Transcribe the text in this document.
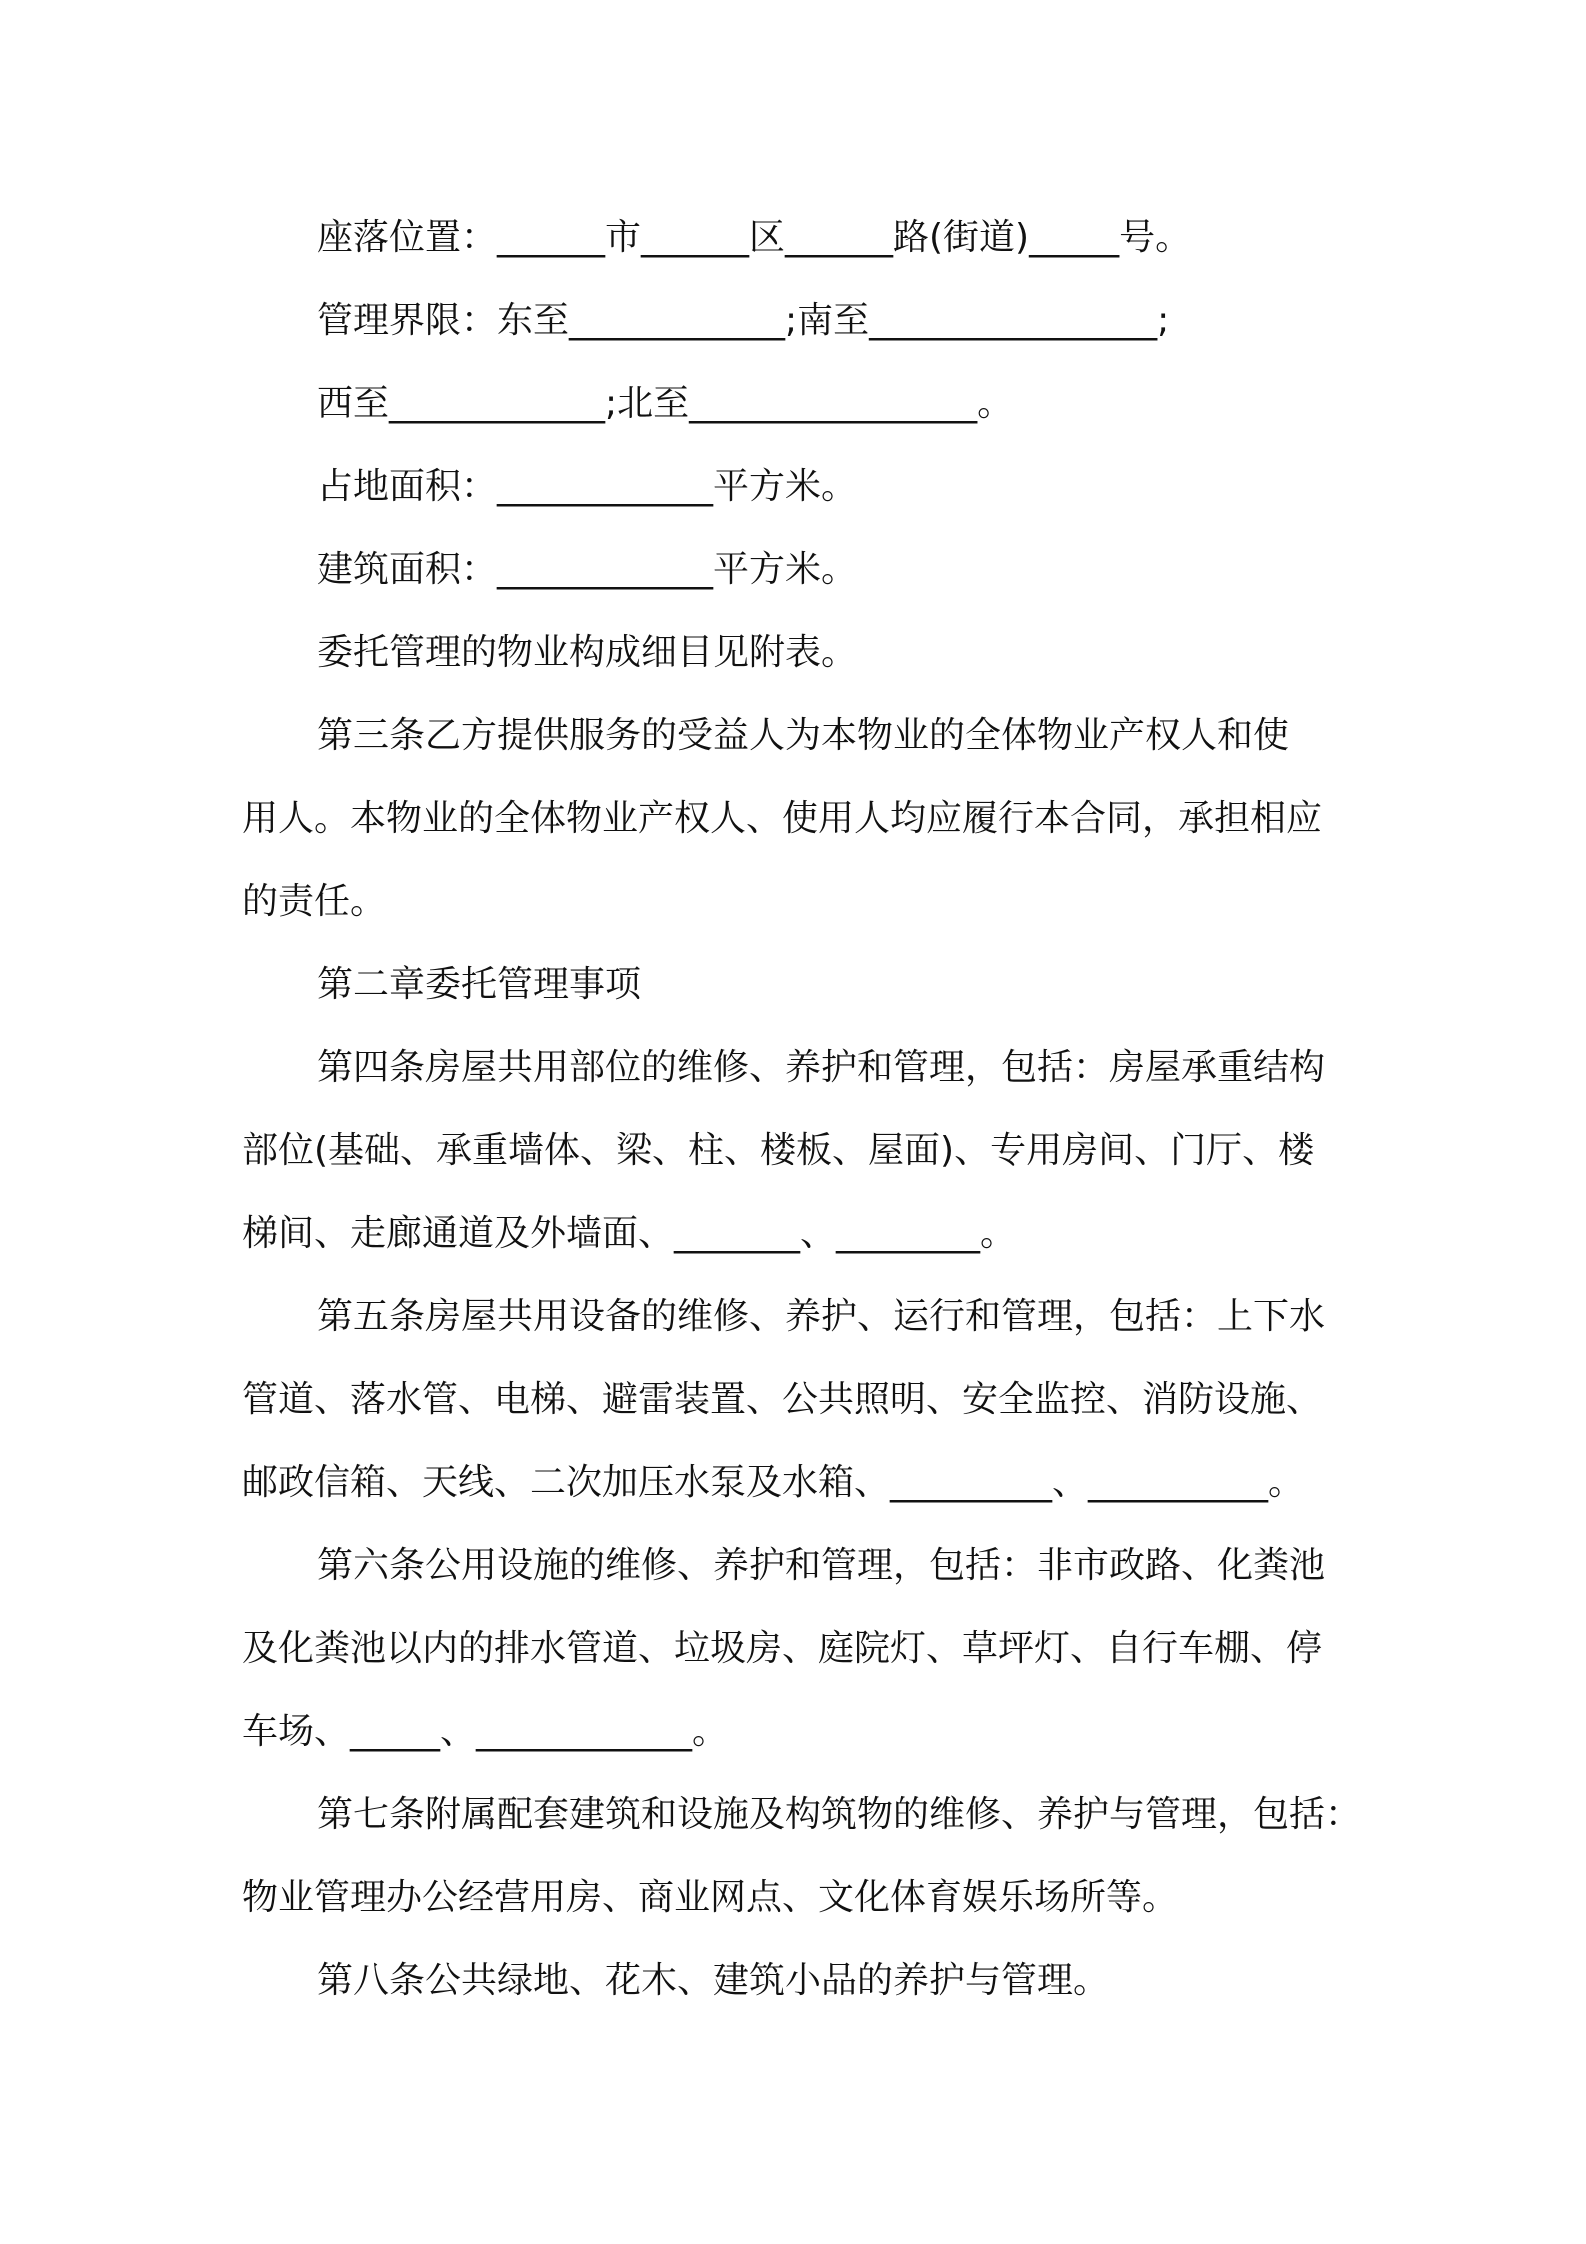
座落位置：______市______区______路(街道)_____号。

管理界限：东至____________;南至________________;

西至____________;北至________________。

占地面积：____________平方米。

建筑面积：____________平方米。

委托管理的物业构成细目见附表。

第三条乙方提供服务的受益人为本物业的全体物业产权人和使

用人。本物业的全体物业产权人、使用人均应履行本合同，承担相应

的责任。

第二章委托管理事项

第四条房屋共用部位的维修、养护和管理，包括：房屋承重结构

部位(基础、承重墙体、梁、柱、楼板、屋面)、专用房间、门厅、楼

梯间、走廊通道及外墙面、_______、________。

第五条房屋共用设备的维修、养护、运行和管理，包括：上下水

管道、落水管、电梯、避雷装置、公共照明、安全监控、消防设施、

邮政信箱、天线、二次加压水泵及水箱、_________、__________。

第六条公用设施的维修、养护和管理，包括：非市政路、化粪池

及化粪池以内的排水管道、垃圾房、庭院灯、草坪灯、自行车棚、停

车场、_____、____________。

第七条附属配套建筑和设施及构筑物的维修、养护与管理，包括：

物业管理办公经营用房、商业网点、文化体育娱乐场所等。

第八条公共绿地、花木、建筑小品的养护与管理。
